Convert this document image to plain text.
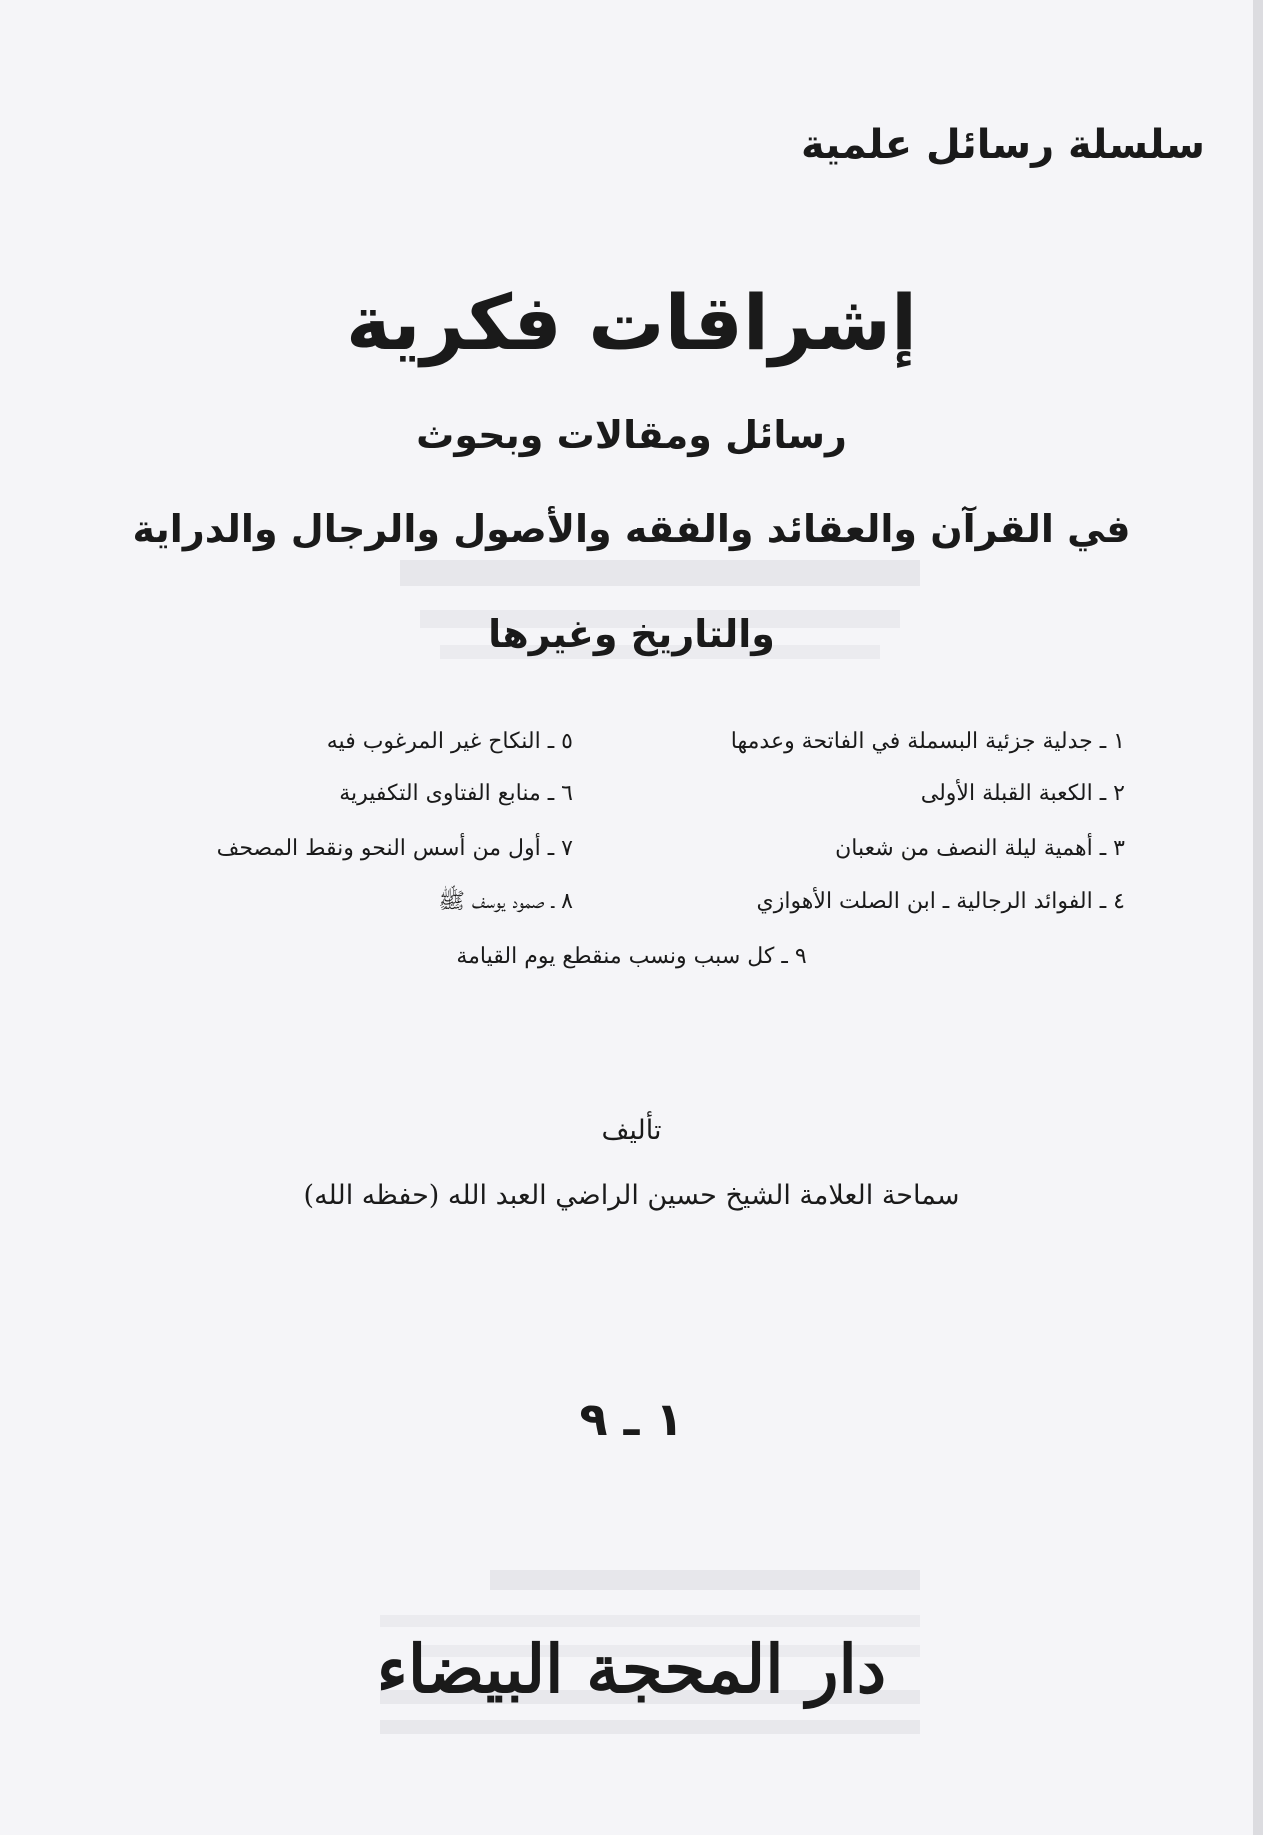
سلسلة رسائل علمية
إشراقات فكرية
رسائل ومقالات وبحوث
في القرآن والعقائد والفقه والأصول والرجال والدراية
والتاريخ وغيرها
١ ـ جدلية جزئية البسملة في الفاتحة وعدمها
٢ ـ الكعبة القبلة الأولى
٣ ـ أهمية ليلة النصف من شعبان
٤ ـ الفوائد الرجالية ـ ابن الصلت الأهوازي
٥ ـ النكاح غير المرغوب فيه
٦ ـ منابع الفتاوى التكفيرية
٧ ـ أول من أسس النحو ونقط المصحف
٨ ـ صمود يوسف ﷺ
٩ ـ كل سبب ونسب منقطع يوم القيامة
تأليف
سماحة العلامة الشيخ حسين الراضي العبد الله (حفظه الله)
١ ـ ٩
دار المحجة البيضاء
